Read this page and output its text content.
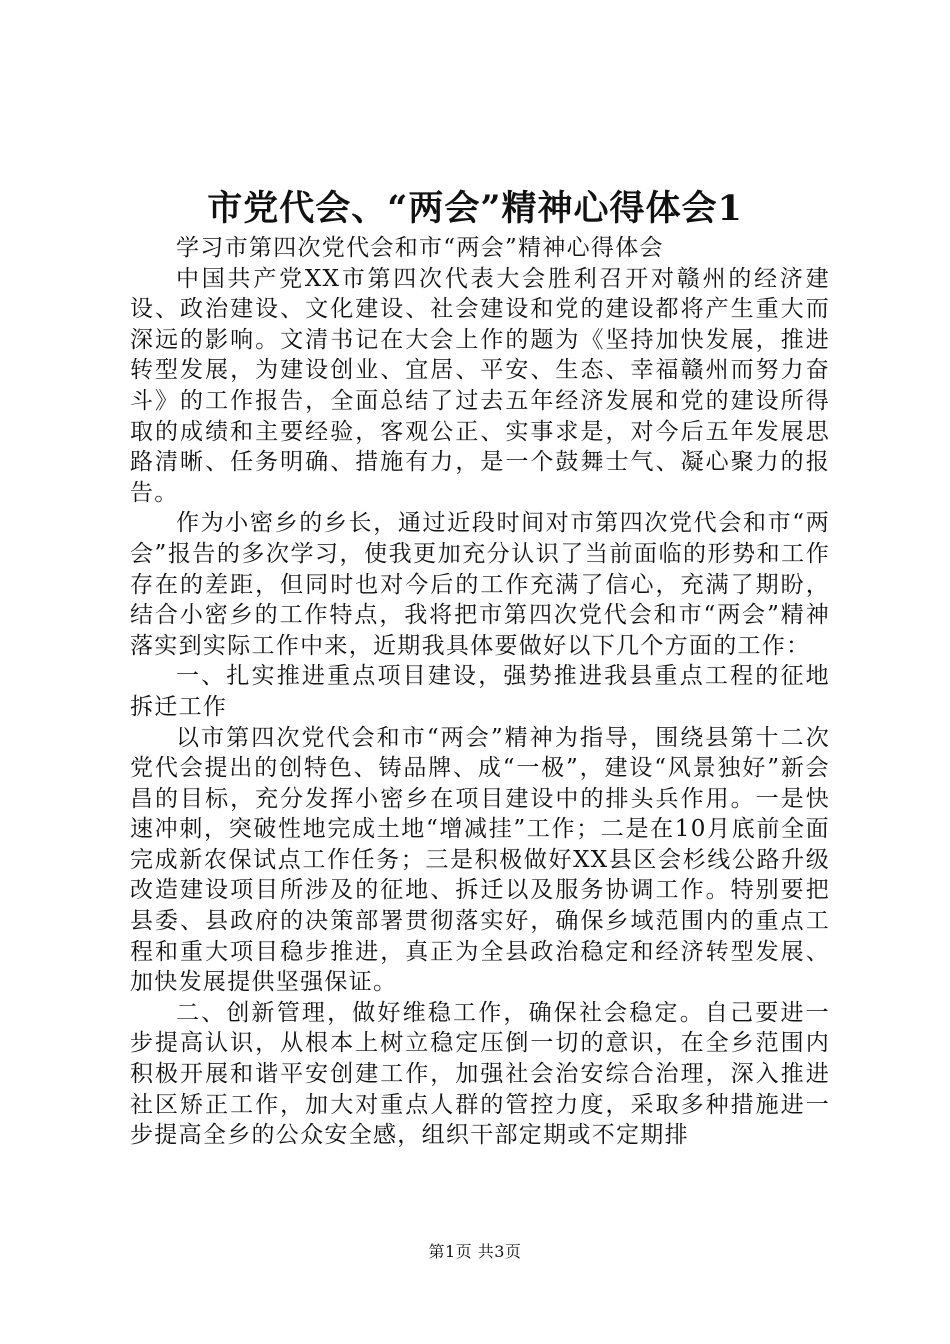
市党代会、“两会”精神心得体会1

学习市第四次党代会和市“两会”精神心得体会

中国共产党XX市第四次代表大会胜利召开对赣州的经济建设、政治建设、文化建设、社会建设和党的建设都将产生重大而深远的影响。文清书记在大会上作的题为《坚持加快发展，推进转型发展，为建设创业、宜居、平安、生态、幸福赣州而努力奋斗》的工作报告，全面总结了过去五年经济发展和党的建设所得取的成绩和主要经验，客观公正、实事求是，对今后五年发展思路清晰、任务明确、措施有力，是一个鼓舞士气、凝心聚力的报告。

作为小密乡的乡长，通过近段时间对市第四次党代会和市“两会”报告的多次学习，使我更加充分认识了当前面临的形势和工作存在的差距，但同时也对今后的工作充满了信心，充满了期盼，结合小密乡的工作特点，我将把市第四次党代会和市“两会”精神落实到实际工作中来，近期我具体要做好以下几个方面的工作：

一、扎实推进重点项目建设，强势推进我县重点工程的征地拆迁工作

以市第四次党代会和市“两会”精神为指导，围绕县第十二次党代会提出的创特色、铸品牌、成“一极”，建设“风景独好”新会昌的目标，充分发挥小密乡在项目建设中的排头兵作用。一是快速冲刺，突破性地完成土地“增减挂”工作；二是在10月底前全面完成新农保试点工作任务；三是积极做好XX县区会杉线公路升级改造建设项目所涉及的征地、拆迁以及服务协调工作。特别要把县委、县政府的决策部署贯彻落实好，确保乡域范围内的重点工程和重大项目稳步推进，真正为全县政治稳定和经济转型发展、加快发展提供坚强保证。

二、创新管理，做好维稳工作，确保社会稳定。自己要进一步提高认识，从根本上树立稳定压倒一切的意识，在全乡范围内积极开展和谐平安创建工作，加强社会治安综合治理，深入推进社区矫正工作，加大对重点人群的管控力度，采取多种措施进一步提高全乡的公众安全感，组织干部定期或不定期排

第1页 共3页
